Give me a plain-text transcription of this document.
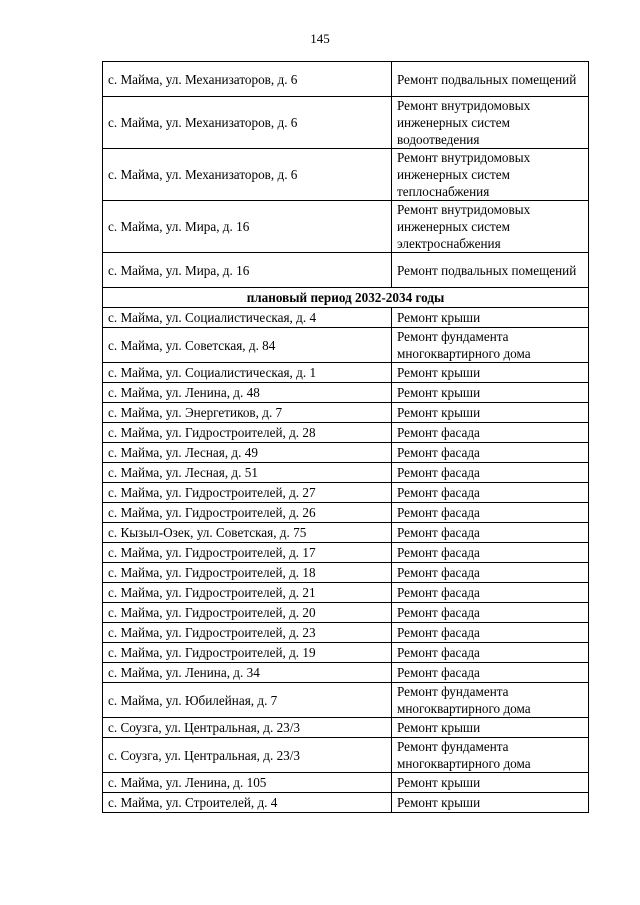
145
с. Майма, ул. Механизаторов, д. 6	Ремонт подвальных помещений
с. Майма, ул. Механизаторов, д. 6	Ремонт внутридомовых инженерных систем водоотведения
с. Майма, ул. Механизаторов, д. 6	Ремонт внутридомовых инженерных систем теплоснабжения
с. Майма, ул. Мира, д. 16	Ремонт внутридомовых инженерных систем электроснабжения
с. Майма, ул. Мира, д. 16	Ремонт подвальных помещений
плановый период 2032-2034 годы	
с. Майма, ул. Социалистическая, д. 4	Ремонт крыши
с. Майма, ул. Советская, д. 84	Ремонт фундамента многоквартирного дома
с. Майма, ул. Социалистическая, д. 1	Ремонт крыши
с. Майма, ул. Ленина, д. 48	Ремонт крыши
с. Майма, ул. Энергетиков, д. 7	Ремонт крыши
с. Майма, ул. Гидростроителей, д. 28	Ремонт фасада
с. Майма, ул. Лесная, д. 49	Ремонт фасада
с. Майма, ул. Лесная, д. 51	Ремонт фасада
с. Майма, ул. Гидростроителей, д. 27	Ремонт фасада
с. Майма, ул. Гидростроителей, д. 26	Ремонт фасада
с. Кызыл-Озек, ул. Советская, д. 75	Ремонт фасада
с. Майма, ул. Гидростроителей, д. 17	Ремонт фасада
с. Майма, ул. Гидростроителей, д. 18	Ремонт фасада
с. Майма, ул. Гидростроителей, д. 21	Ремонт фасада
с. Майма, ул. Гидростроителей, д. 20	Ремонт фасада
с. Майма, ул. Гидростроителей, д. 23	Ремонт фасада
с. Майма, ул. Гидростроителей, д. 19	Ремонт фасада
с. Майма, ул. Ленина, д. 34	Ремонт фасада
с. Майма, ул. Юбилейная, д. 7	Ремонт фундамента многоквартирного дома
с. Соузга, ул. Центральная, д. 23/3	Ремонт крыши
с. Соузга, ул. Центральная, д. 23/3	Ремонт фундамента многоквартирного дома
с. Майма, ул. Ленина, д. 105	Ремонт крыши
с. Майма, ул. Строителей, д. 4	Ремонт крыши
